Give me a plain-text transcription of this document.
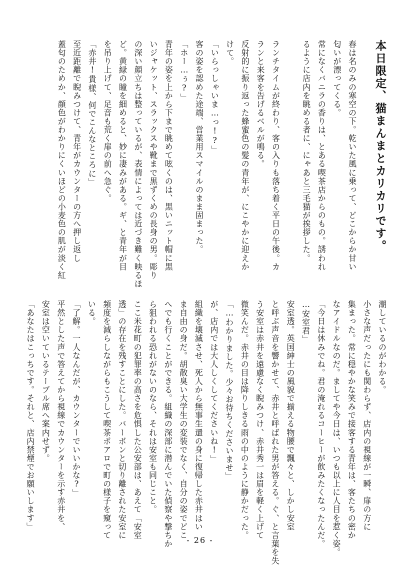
本日限定、猫まんまとカリカリです。
春は名のみの寒空の下。乾いた風に乗って、どこからか甘い
匂いが漂ってくる。
常になくバニラの香りは、とある喫茶店からのもの。誘われ
るように店内を眺める者に、にゃあと三毛猫が挨拶した。
ランチタイムが終わり、客の入りも落ち着く平日の午後。カ
ランと来客を告げるベルが鳴る。
反射的に振り返った蜂蜜色の髪の青年が、にこやかに迎えか
けて。
「いらっしゃいま…っ!?」
客の姿を認めた途端、営業用スマイルのまま固まった。
「ホー…ぅ?」
青年の姿を上から下まで眺めて呟くのは、黒いニット帽に黒
いジャケット、スラックスや靴まで黒ずくめの長身の男。彫り
の深い顔立ちは整っているが、表情によっては近づき難く映るほ
ど。黄緑の瞳を細めると、妙に凄みがある。ギ、と青年が目
を吊り上げて、足音も荒く扉の前へ急ぐ。
「赤井!貴様、何でこんなところに」
至近距離で睨みつけて、青年がカウンターの方へ押し返し
蓋匂のためか、顔色がわかりにくいほどの小麦色の肌が淡く紅
潮しているのがわかる。
小さな声だったにも関わらず、店内の視線が一瞬、扉の方に
集まった。常に穏やかな笑みで接客する青年は、客たちの密か
なアイドルなのだ。ましてや今日は、いつも以上に人目を惹く姿。
「今日は休みでね。君の淹れるコーヒーが飲みたくなったんだ。
…安室君」
安室透。英国紳士の風貌で揃える物腰で飄々と、しかし安室
と呼ぶ声音を響かせて、赤井と呼ばれた男が答える。ぐ、と言葉を失
う安室は赤井を遠慮なく睨みつけ、赤井秀一は眉を軽く上げて
微笑んだ。赤井の目は降りしきる雨の中のように静かだった。
「…わかりました。少々お待ちくださいませ」
が、店内では大人しくしてくださいね!」
組織を壊滅させ、死人から無事生還の身に復帰した赤井はい
ま自由の身だ。胡散臭い大学生の変装でなく、自分の姿でどこ
へでも行くことができる。組織の深部に潜んでいた偵察や撃ちか
ら狙われる恐れがないのなら、それは安室も同じこと。
ここ米花町の犯罪率の高さを危惧した公安部は、あえて「安室
透」の存在を残すことにした。バーボンと切り離された安室に
頻度を減らしながらもこうして喫茶ポアロで町の様子を窺って
いる。
「了解。一人なんだが、カウンターでいいかな?」
平然とした声で答えてから視線でカウンターを示す赤井を、
安室は空いているテーブル席へ案内せず。
「あなたはこっちです。それと、店内禁煙でお願いします」
- 26 -
